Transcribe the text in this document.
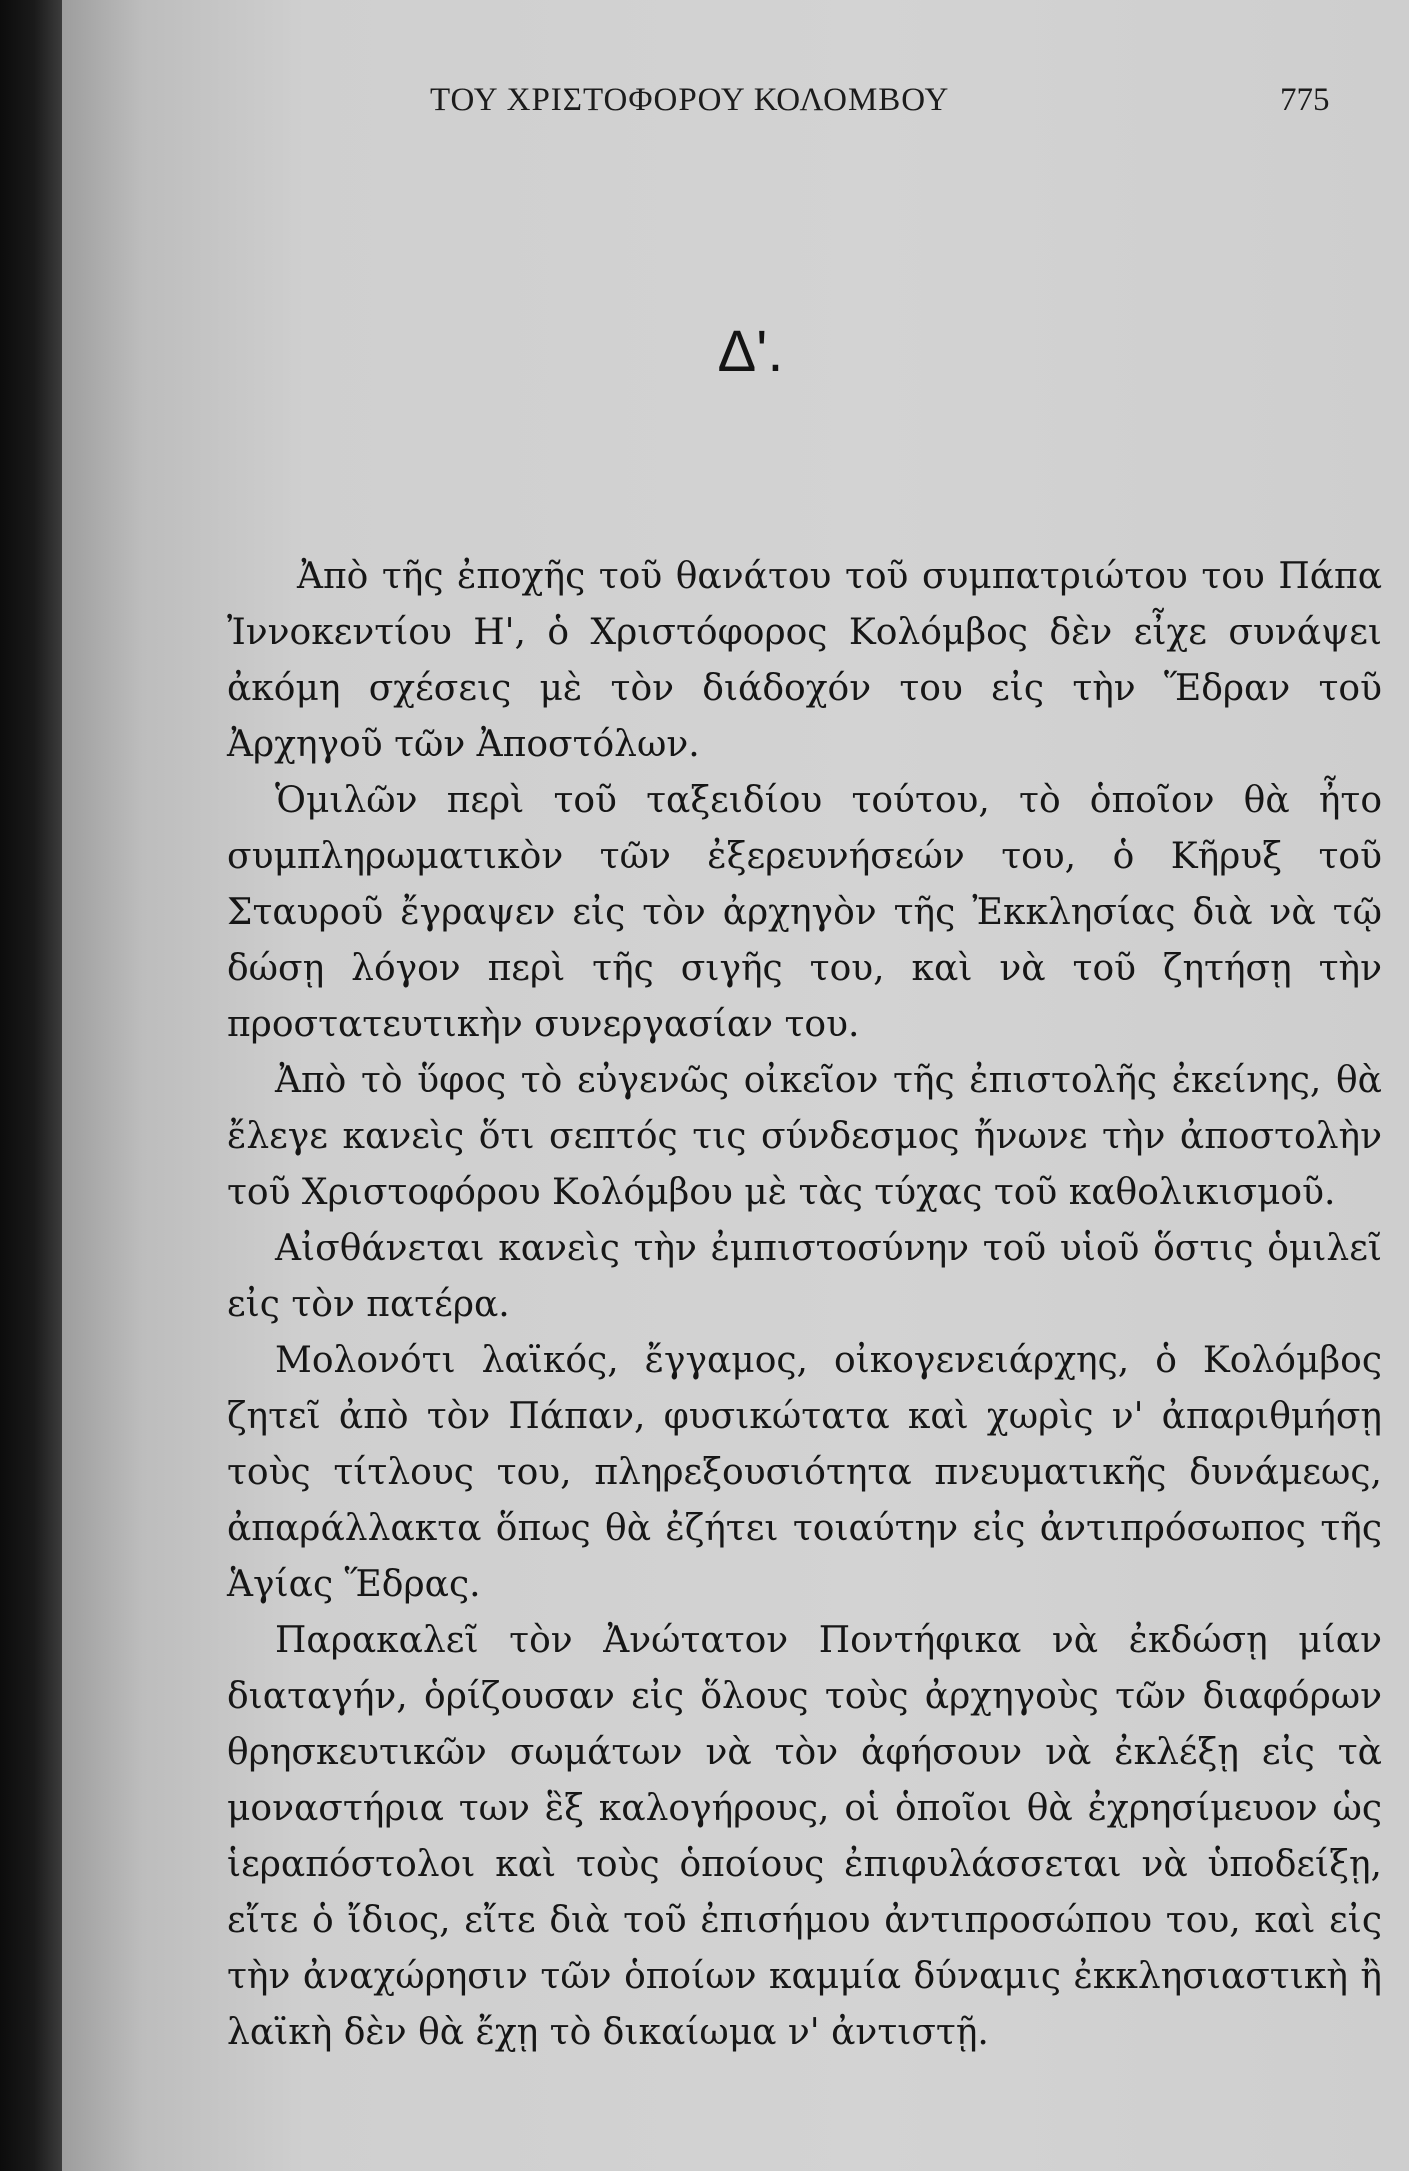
ΤΟΥ ΧΡΙΣΤΟΦΟΡΟΥ ΚΟΛΟΜΒΟΥ	775
Δ'.

Ἀπὸ τῆς ἐποχῆς τοῦ θανάτου τοῦ συμπατριώτου του Πάπα Ἰννοκεντίου Η', ὁ Χριστόφορος Κολόμβος δὲν εἶχε συνάψει ἀκόμη σχέσεις μὲ τὸν διάδοχόν του εἰς τὴν Ἕδραν τοῦ Ἀρχηγοῦ τῶν Ἀποστόλων.

Ὁμιλῶν περὶ τοῦ ταξειδίου τούτου, τὸ ὁποῖον θὰ ἦτο συμπληρωματικὸν τῶν ἐξερευνήσεών του, ὁ Κῆρυξ τοῦ Σταυροῦ ἔγραψεν εἰς τὸν ἀρχηγὸν τῆς Ἐκκλησίας διὰ νὰ τῷ δώσῃ λόγον περὶ τῆς σιγῆς του, καὶ νὰ τοῦ ζητήσῃ τὴν προστατευτικὴν συνεργασίαν του.

Ἀπὸ τὸ ὕφος τὸ εὐγενῶς οἰκεῖον τῆς ἐπιστολῆς ἐκείνης, θὰ ἔλεγε κανεὶς ὅτι σεπτός τις σύνδεσμος ἤνωνε τὴν ἀποστολὴν τοῦ Χριστοφόρου Κολόμβου μὲ τὰς τύχας τοῦ καθολικισμοῦ.

Αἰσθάνεται κανεὶς τὴν ἐμπιστοσύνην τοῦ υἱοῦ ὅστις ὁμιλεῖ εἰς τὸν πατέρα.

Μολονότι λαϊκός, ἔγγαμος, οἰκογενειάρχης, ὁ Κολόμβος ζητεῖ ἀπὸ τὸν Πάπαν, φυσικώτατα καὶ χωρὶς ν' ἀπαριθμήσῃ τοὺς τίτλους του, πληρεξουσιότητα πνευματικῆς δυνάμεως, ἀπαράλλακτα ὅπως θὰ ἐζήτει τοιαύτην εἰς ἀντιπρόσωπος τῆς Ἁγίας Ἕδρας.

Παρακαλεῖ τὸν Ἀνώτατον Ποντήφικα νὰ ἐκδώσῃ μίαν διαταγήν, ὁρίζουσαν εἰς ὅλους τοὺς ἀρχηγοὺς τῶν διαφόρων θρησκευτικῶν σωμάτων νὰ τὸν ἀφήσουν νὰ ἐκλέξῃ εἰς τὰ μοναστήρια των ἓξ καλογήρους, οἱ ὁποῖοι θὰ ἐχρησίμευον ὡς ἱεραπόστολοι καὶ τοὺς ὁποίους ἐπιφυλάσσεται νὰ ὑποδείξῃ, εἴτε ὁ ἴδιος, εἴτε διὰ τοῦ ἐπισήμου ἀντιπροσώπου του, καὶ εἰς τὴν ἀναχώρησιν τῶν ὁποίων καμμία δύναμις ἐκκλησιαστικὴ ἢ λαϊκὴ δὲν θὰ ἔχῃ τὸ δικαίωμα ν' ἀντιστῇ.
